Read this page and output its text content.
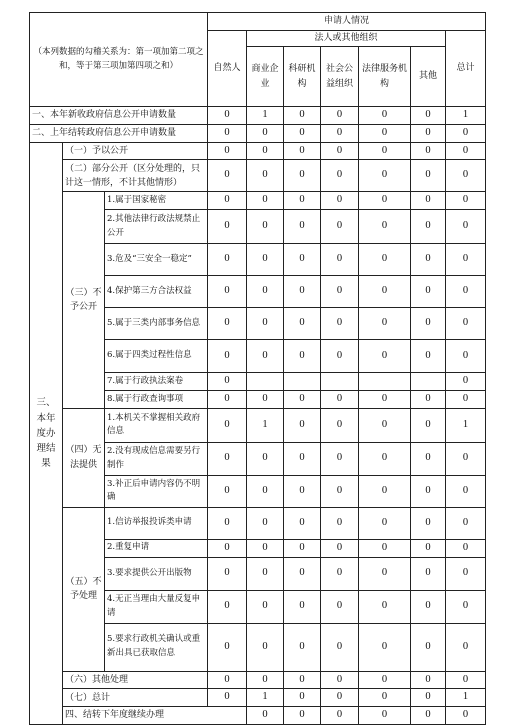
（本列数据的勾稽关系为：第一项加第二项之和，等于第三项加第四项之和）			申请人情况							
			自然人	法人或其他组织					总计	
				商业企业	科研机构	社会公益组织	法律服务机构	其他		
一、本年新收政府信息公开申请数量			0	1	0	0	0	0	1	
二、上年结转政府信息公开申请数量			0	0	0	0	0	0	0	
三、本年度办理结果	（一）予以公开		0	0	0	0	0	0	0	
	（二）部分公开（区分处理的，只计这一情形，不计其他情形）		0	0	0	0	0	0	0	
	（三）不予公开	1.属于国家秘密	0	0	0	0	0	0	0	
		2.其他法律行政法规禁止公开	0	0	0	0	0	0	0	
		3.危及“三安全一稳定”	0	0	0	0	0	0	0	
		4.保护第三方合法权益	0	0	0	0	0	0	0	
		5.属于三类内部事务信息	0	0	0	0	0	0	0	
		6.属于四类过程性信息	0	0	0	0	0	0	0	
		7.属于行政执法案卷	0						0	
		8.属于行政查询事项	0	0	0	0	0	0	0	
	（四）无法提供	1.本机关不掌握相关政府信息	0	1	0	0	0	0	1	
		2.没有现成信息需要另行制作	0	0	0	0	0	0	0	
		3.补正后申请内容仍不明确	0	0	0	0	0	0	0	
	（五）不予处理	1.信访举报投诉类申请	0	0	0	0	0	0	0	
		2.重复申请	0	0	0	0	0	0	0	
		3.要求提供公开出版物	0	0	0	0	0	0	0	
		4.无正当理由大量反复申请	0	0	0	0	0	0	0	
		5.要求行政机关确认或重新出具已获取信息	0	0	0	0	0	0	0	
	（六）其他处理		0	0	0	0	0	0	0	
	（七）总计		0	1	0	0	0	0	1	
	四、结转下年度继续办理			0	0	0	0	0	0	
